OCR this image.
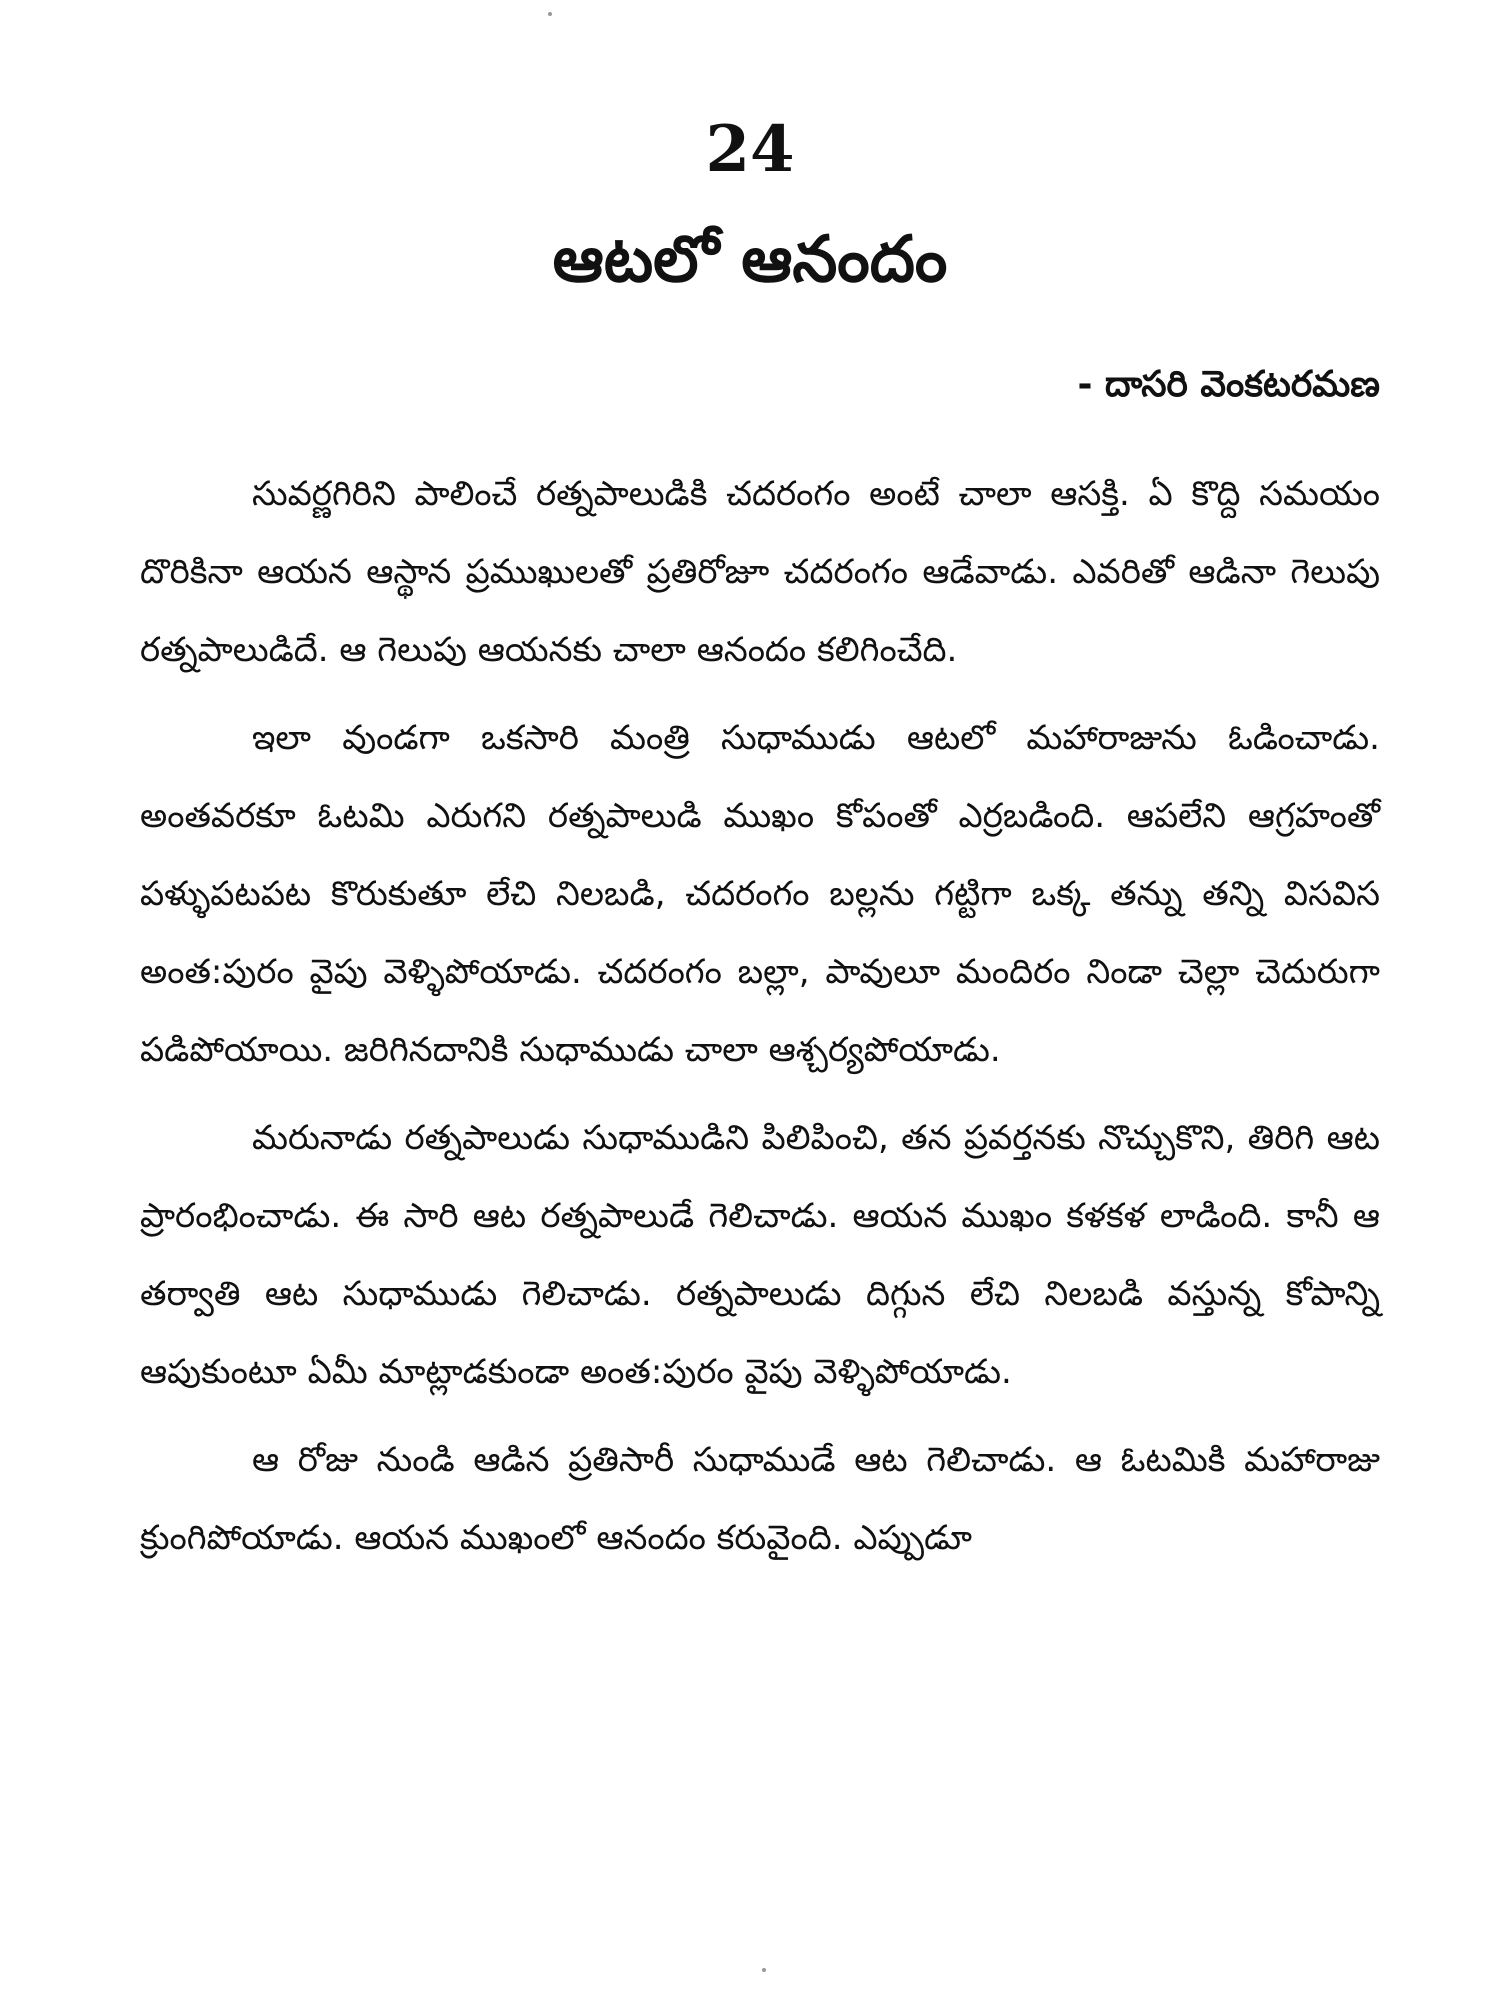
24
ఆటలో ఆనందం
- దాసరి వెంకటరమణ

సువర్ణగిరిని పాలించే రత్నపాలుడికి చదరంగం అంటే చాలా ఆసక్తి. ఏ కొద్ది సమయం దొరికినా ఆయన ఆస్థాన ప్రముఖులతో ప్రతిరోజూ చదరంగం ఆడేవాడు. ఎవరితో ఆడినా గెలుపు రత్నపాలుడిదే. ఆ గెలుపు ఆయనకు చాలా ఆనందం కలిగించేది.

ఇలా వుండగా ఒకసారి మంత్రి సుధాముడు ఆటలో మహారాజును ఓడించాడు. అంతవరకూ ఓటమి ఎరుగని రత్నపాలుడి ముఖం కోపంతో ఎర్రబడింది. ఆపలేని ఆగ్రహంతో పళ్ళుపటపట కొరుకుతూ లేచి నిలబడి, చదరంగం బల్లను గట్టిగా ఒక్క తన్ను తన్ని విసవిస అంత:పురం వైపు వెళ్ళిపోయాడు. చదరంగం బల్లా, పావులూ మందిరం నిండా చెల్లా చెదురుగా పడిపోయాయి. జరిగినదానికి సుధాముడు చాలా ఆశ్చర్యపోయాడు.

మరునాడు రత్నపాలుడు సుధాముడిని పిలిపించి, తన ప్రవర్తనకు నొచ్చుకొని, తిరిగి ఆట ప్రారంభించాడు. ఈ సారి ఆట రత్నపాలుడే గెలిచాడు. ఆయన ముఖం కళకళ లాడింది. కానీ ఆ తర్వాతి ఆట సుధాముడు గెలిచాడు. రత్నపాలుడు దిగ్గున లేచి నిలబడి వస్తున్న కోపాన్ని ఆపుకుంటూ ఏమీ మాట్లాడకుండా అంత:పురం వైపు వెళ్ళిపోయాడు.

ఆ రోజు నుండి ఆడిన ప్రతిసారీ సుధాముడే ఆట గెలిచాడు. ఆ ఓటమికి మహారాజు క్రుంగిపోయాడు. ఆయన ముఖంలో ఆనందం కరువైంది. ఎప్పుడూ
